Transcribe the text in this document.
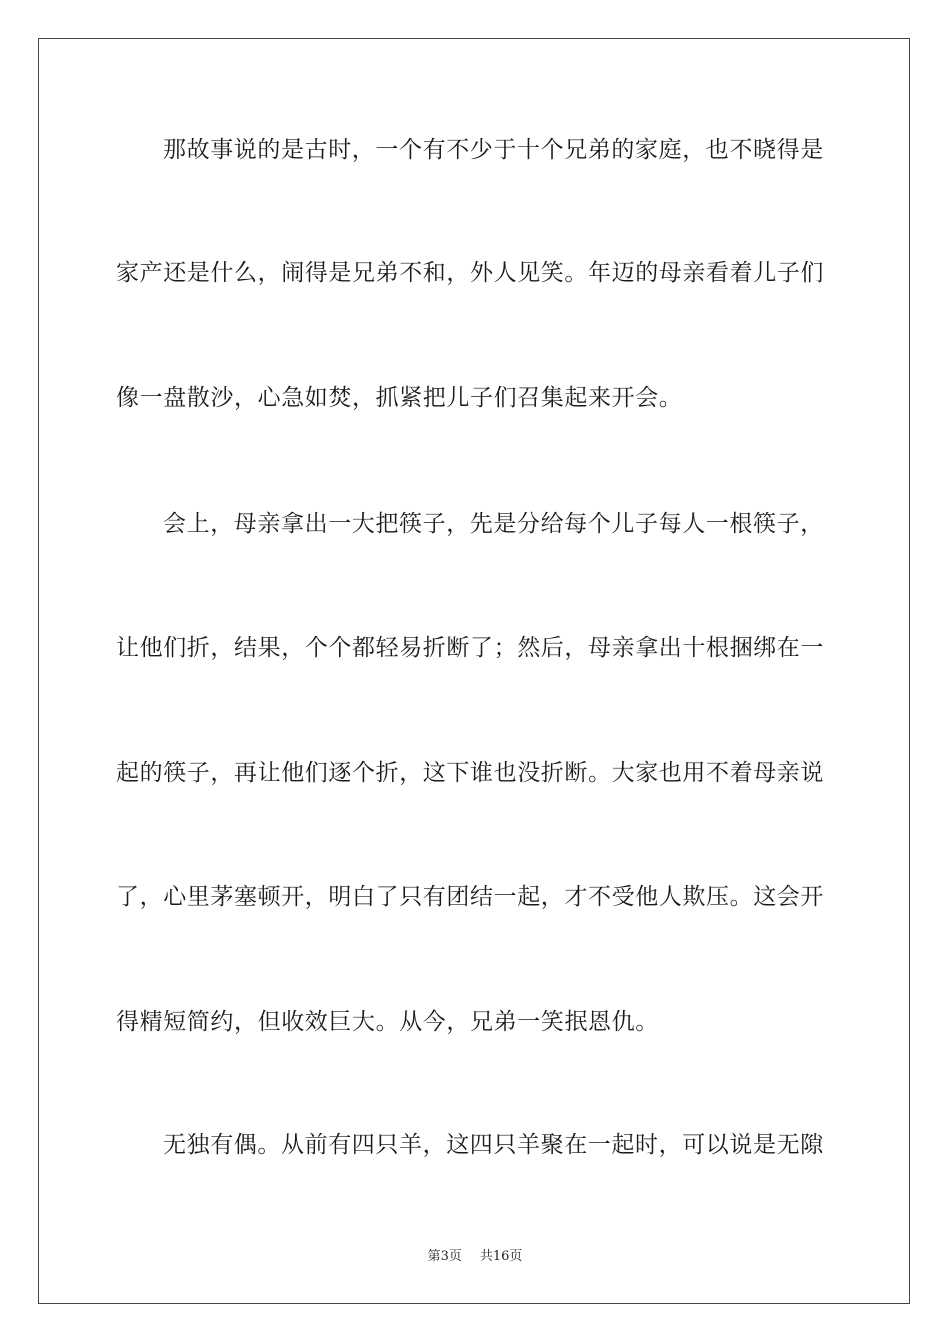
那故事说的是古时，一个有不少于十个兄弟的家庭，也不晓得是
家产还是什么，闹得是兄弟不和，外人见笑。年迈的母亲看着儿子们
像一盘散沙，心急如焚，抓紧把儿子们召集起来开会。
会上，母亲拿出一大把筷子，先是分给每个儿子每人一根筷子，
让他们折，结果，个个都轻易折断了；然后，母亲拿出十根捆绑在一
起的筷子，再让他们逐个折，这下谁也没折断。大家也用不着母亲说
了，心里茅塞顿开，明白了只有团结一起，才不受他人欺压。这会开
得精短简约，但收效巨大。从今，兄弟一笑抿恩仇。
无独有偶。从前有四只羊，这四只羊聚在一起时，可以说是无隙
第3页 共16页
